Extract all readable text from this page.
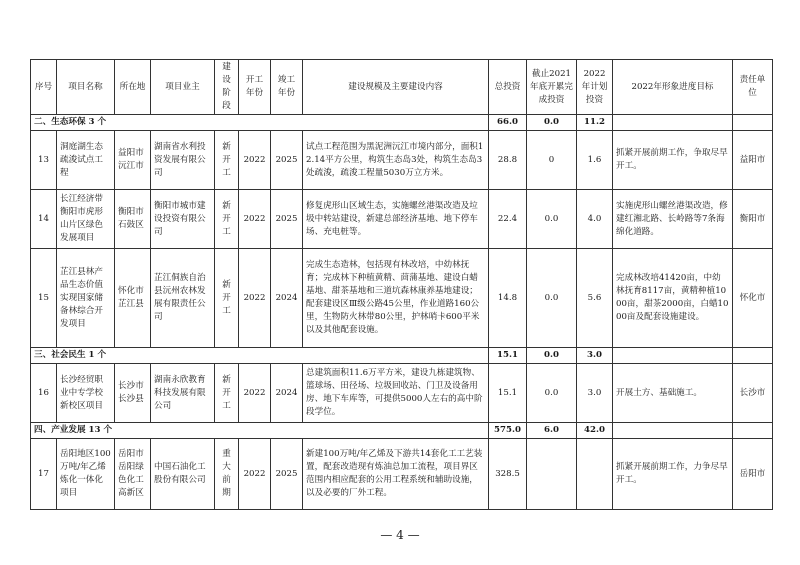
序号	项目名称	所在地	项目业主	建设阶段	开工年份	竣工年份	建设规模及主要建设内容	总投资	截止2021年底开累完成投资	2022年计划投资	2022年形象进度目标	责任单位
二、生态环保 3 个								66.0	0.0	11.2		
13	洞庭湖生态疏浚试点工程	益阳市沅江市	湖南省水利投资发展有限公司	新开工	2022	2025	试点工程范围为黑泥洲沅江市境内部分，面积12.14平方公里，构筑生态岛3处，构筑生态岛3处疏浚，疏浚工程量5030万立方米。	28.8	0	1.6	抓紧开展前期工作，争取尽早开工。	益阳市
14	长江经济带衡阳市虎形山片区绿色发展项目	衡阳市石鼓区	衡阳市城市建设投资有限公司	新开工	2022	2025	修复虎形山区域生态，实施螺丝港渠改造及垃圾中转站建设，新建总部经济基地、地下停车场、充电桩等。	22.4	0.0	4.0	实施虎形山螺丝港渠改造，修建红湘北路、长岭路等7条海绵化道路。	衡阳市
15	芷江县林产品生态价值实现国家储备林综合开发项目	怀化市芷江县	芷江侗族自治县沅州农林发展有限责任公司	新开工	2022	2024	完成生态造林，包括现有林改培，中幼林抚育；完成林下种植黄精、茴蒲基地、建设白蜡基地、甜茶基地和三道坑森林康养基地建设；配套建设区Ⅲ级公路45公里，作业道路160公里，生物防火林带80公里，护林哨卡600平米以及其他配套设施。	14.8	0.0	5.6	完成林改培41420亩，中幼林抚育8117亩，黄精种植1000亩，甜茶2000亩，白蜡1000亩及配套设施建设。	怀化市
三、社会民生 1 个								15.1	0.0	3.0		
16	长沙经贸职业中专学校新校区项目	长沙市长沙县	湖南永欣教育科技发展有限公司	新开工	2022	2024	总建筑面积11.6万平方米，建设九栋建筑物、篮球场、田径场、垃圾回收站、门卫及设备用房、地下车库等，可提供5000人左右的高中阶段学位。	15.1	0.0	3.0	开展土方、基础施工。	长沙市
四、产业发展 13 个								575.0	6.0	42.0		
17	岳阳地区100万吨/年乙烯炼化一体化项目	岳阳市岳阳绿色化工高新区	中国石油化工股份有限公司	重大前期	2022	2025	新建100万吨/年乙烯及下游共14套化工工艺装置，配套改造现有炼油总加工流程，项目界区范围内相应配套的公用工程系统和辅助设施，以及必要的厂外工程。	328.5			抓紧开展前期工作，力争尽早开工。	岳阳市
— 4 —
